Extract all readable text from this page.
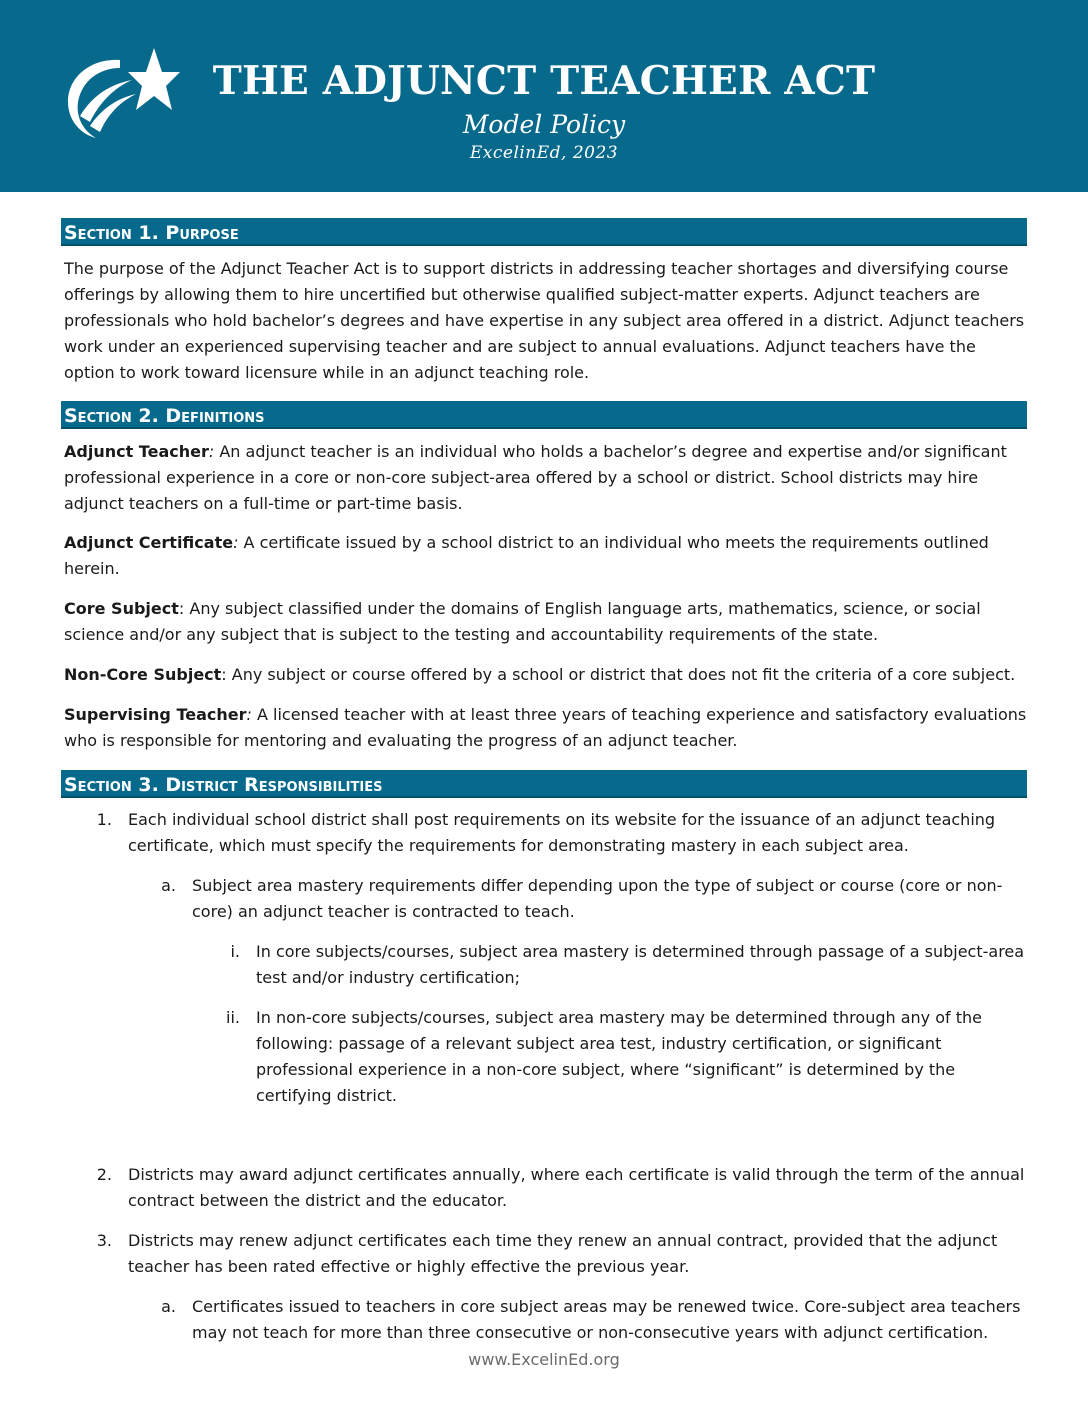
THE ADJUNCT TEACHER ACT
Model Policy
ExcelinEd, 2023
Section 1. Purpose

The purpose of the Adjunct Teacher Act is to support districts in addressing teacher shortages and diversifying course offerings by allowing them to hire uncertified but otherwise qualified subject-matter experts. Adjunct teachers are professionals who hold bachelor’s degrees and have expertise in any subject area offered in a district. Adjunct teachers work under an experienced supervising teacher and are subject to annual evaluations. Adjunct teachers have the option to work toward licensure while in an adjunct teaching role.

Section 2. Definitions

Adjunct Teacher: An adjunct teacher is an individual who holds a bachelor’s degree and expertise and/or significant professional experience in a core or non-core subject-area offered by a school or district. School districts may hire adjunct teachers on a full-time or part-time basis.

Adjunct Certificate: A certificate issued by a school district to an individual who meets the requirements outlined herein.

Core Subject: Any subject classified under the domains of English language arts, mathematics, science, or social science and/or any subject that is subject to the testing and accountability requirements of the state.

Non-Core Subject: Any subject or course offered by a school or district that does not fit the criteria of a core subject.

Supervising Teacher: A licensed teacher with at least three years of teaching experience and satisfactory evaluations who is responsible for mentoring and evaluating the progress of an adjunct teacher.

Section 3. District Responsibilities
1. Each individual school district shall post requirements on its website for the issuance of an adjunct teaching certificate, which must specify the requirements for demonstrating mastery in each subject area.

a. Subject area mastery requirements differ depending upon the type of subject or course (core or non-core) an adjunct teacher is contracted to teach.

i. In core subjects/courses, subject area mastery is determined through passage of a subject-area test and/or industry certification;

ii. In non-core subjects/courses, subject area mastery may be determined through any of the following: passage of a relevant subject area test, industry certification, or significant professional experience in a non-core subject, where “significant” is determined by the certifying district.

2. Districts may award adjunct certificates annually, where each certificate is valid through the term of the annual contract between the district and the educator.

3. Districts may renew adjunct certificates each time they renew an annual contract, provided that the adjunct teacher has been rated effective or highly effective the previous year.

a. Certificates issued to teachers in core subject areas may be renewed twice. Core-subject area teachers may not teach for more than three consecutive or non-consecutive years with adjunct certification.

www.ExcelinEd.org
